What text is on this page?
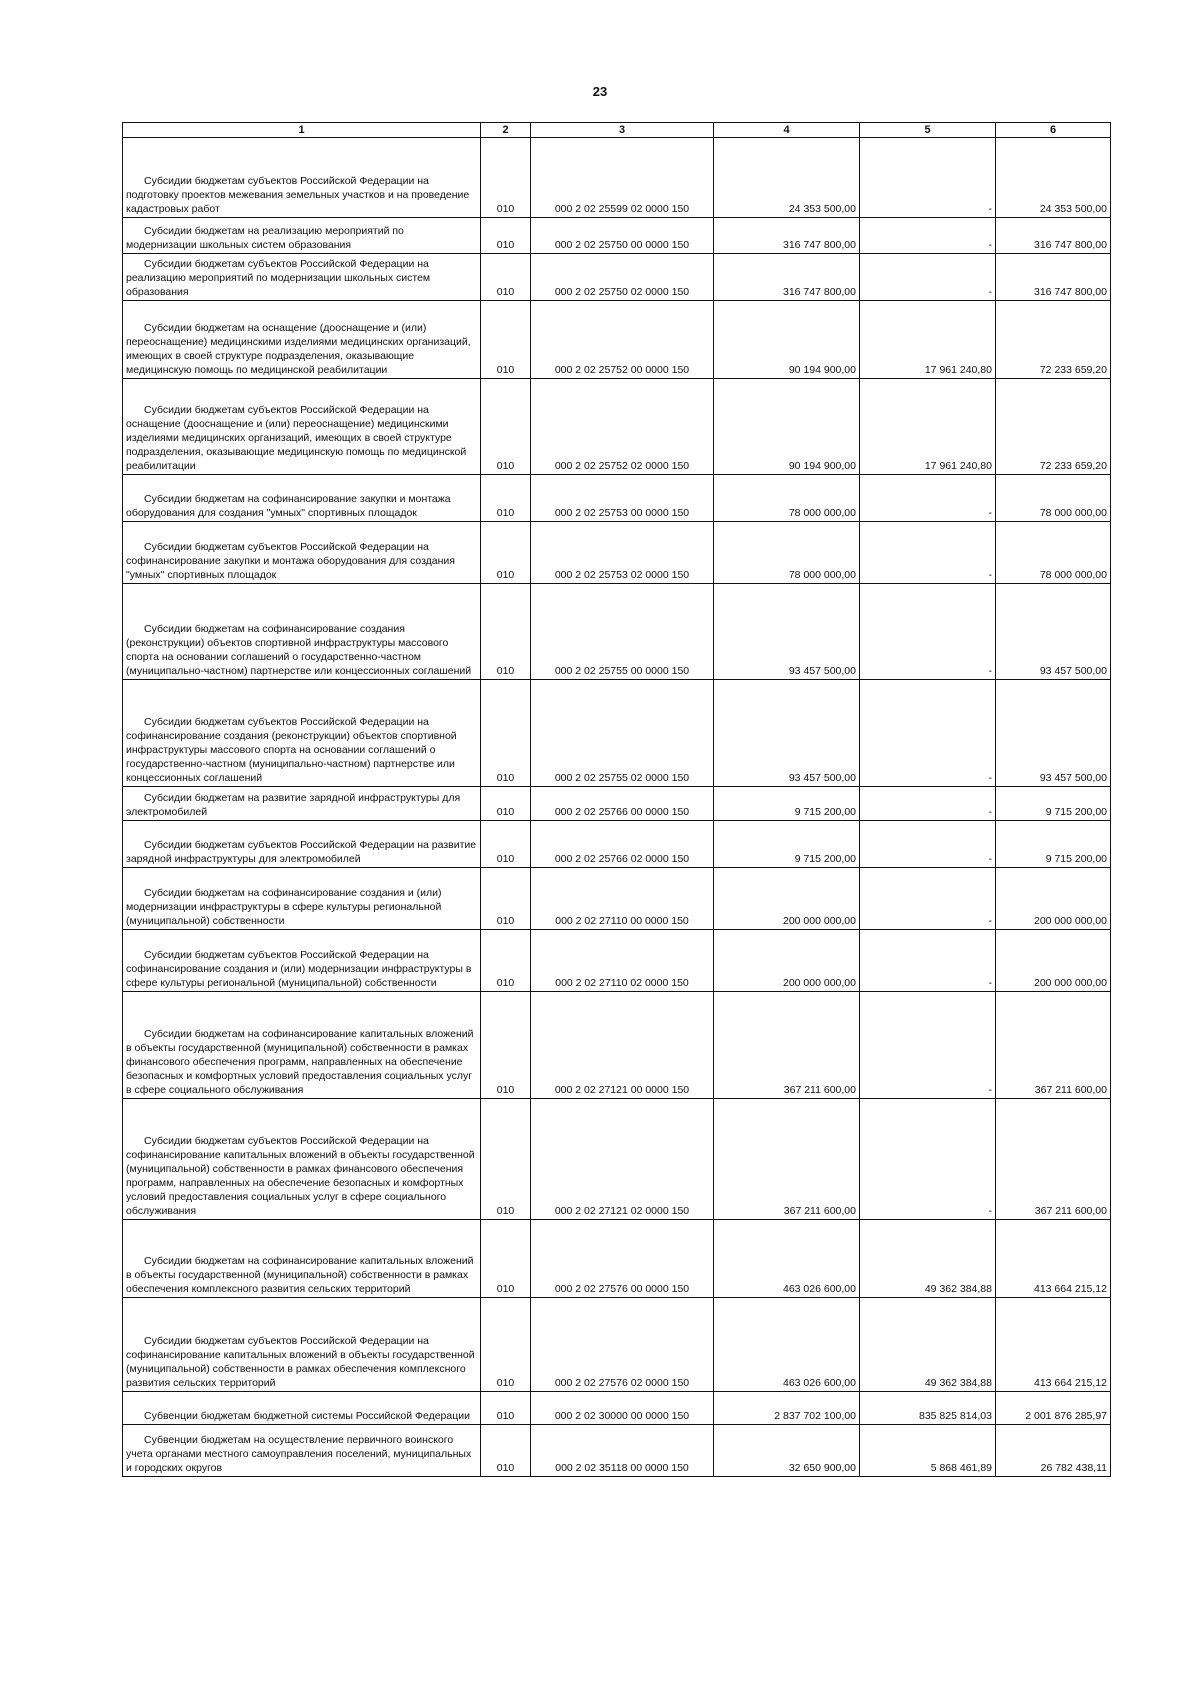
23
1	2	3	4	5	6

Субсидии бюджетам субъектов Российской Федерации на подготовку проектов межевания земельных участков и на проведение кадастровых работ	010	000 2 02 25599 02 0000 150	24 353 500,00	-	24 353 500,00

Субсидии бюджетам на реализацию мероприятий по модернизации школьных систем образования	010	000 2 02 25750 00 0000 150	316 747 800,00	-	316 747 800,00

Субсидии бюджетам субъектов Российской Федерации на реализацию мероприятий по модернизации школьных систем образования	010	000 2 02 25750 02 0000 150	316 747 800,00	-	316 747 800,00

Субсидии бюджетам на оснащение (дооснащение и (или) переоснащение) медицинскими изделиями медицинских организаций, имеющих в своей структуре подразделения, оказывающие медицинскую помощь по медицинской реабилитации	010	000 2 02 25752 00 0000 150	90 194 900,00	17 961 240,80	72 233 659,20

Субсидии бюджетам субъектов Российской Федерации на оснащение (дооснащение и (или) переоснащение) медицинскими изделиями медицинских организаций, имеющих в своей структуре подразделения, оказывающие медицинскую помощь по медицинской реабилитации	010	000 2 02 25752 02 0000 150	90 194 900,00	17 961 240,80	72 233 659,20

Субсидии бюджетам на софинансирование закупки и монтажа оборудования для создания "умных" спортивных площадок	010	000 2 02 25753 00 0000 150	78 000 000,00	-	78 000 000,00

Субсидии бюджетам субъектов Российской Федерации на софинансирование закупки и монтажа оборудования для создания "умных" спортивных площадок	010	000 2 02 25753 02 0000 150	78 000 000,00	-	78 000 000,00

Субсидии бюджетам на софинансирование создания (реконструкции) объектов спортивной инфраструктуры массового спорта на основании соглашений о государственно-частном (муниципально-частном) партнерстве или концессионных соглашений	010	000 2 02 25755 00 0000 150	93 457 500,00	-	93 457 500,00

Субсидии бюджетам субъектов Российской Федерации на софинансирование создания (реконструкции) объектов спортивной инфраструктуры массового спорта на основании соглашений о государственно-частном (муниципально-частном) партнерстве или концессионных соглашений	010	000 2 02 25755 02 0000 150	93 457 500,00	-	93 457 500,00

Субсидии бюджетам на развитие зарядной инфраструктуры для электромобилей	010	000 2 02 25766 00 0000 150	9 715 200,00	-	9 715 200,00

Субсидии бюджетам субъектов Российской Федерации на развитие зарядной инфраструктуры для электромобилей	010	000 2 02 25766 02 0000 150	9 715 200,00	-	9 715 200,00

Субсидии бюджетам на софинансирование создания и (или) модернизации инфраструктуры в сфере культуры региональной (муниципальной) собственности	010	000 2 02 27110 00 0000 150	200 000 000,00	-	200 000 000,00

Субсидии бюджетам субъектов Российской Федерации на софинансирование создания и (или) модернизации инфраструктуры в сфере культуры региональной (муниципальной) собственности	010	000 2 02 27110 02 0000 150	200 000 000,00	-	200 000 000,00

Субсидии бюджетам на софинансирование капитальных вложений в объекты государственной (муниципальной) собственности в рамках финансового обеспечения программ, направленных на обеспечение безопасных и комфортных условий предоставления социальных услуг в сфере социального обслуживания	010	000 2 02 27121 00 0000 150	367 211 600,00	-	367 211 600,00

Субсидии бюджетам субъектов Российской Федерации на софинансирование капитальных вложений в объекты государственной (муниципальной) собственности в рамках финансового обеспечения программ, направленных на обеспечение безопасных и комфортных условий предоставления социальных услуг в сфере социального обслуживания	010	000 2 02 27121 02 0000 150	367 211 600,00	-	367 211 600,00

Субсидии бюджетам на софинансирование капитальных вложений в объекты государственной (муниципальной) собственности в рамках обеспечения комплексного развития сельских территорий	010	000 2 02 27576 00 0000 150	463 026 600,00	49 362 384,88	413 664 215,12

Субсидии бюджетам субъектов Российской Федерации на софинансирование капитальных вложений в объекты государственной (муниципальной) собственности в рамках обеспечения комплексного развития сельских территорий	010	000 2 02 27576 02 0000 150	463 026 600,00	49 362 384,88	413 664 215,12

Субвенции бюджетам бюджетной системы Российской Федерации	010	000 2 02 30000 00 0000 150	2 837 702 100,00	835 825 814,03	2 001 876 285,97

Субвенции бюджетам на осуществление первичного воинского учета органами местного самоуправления поселений, муниципальных и городских округов	010	000 2 02 35118 00 0000 150	32 650 900,00	5 868 461,89	26 782 438,11
